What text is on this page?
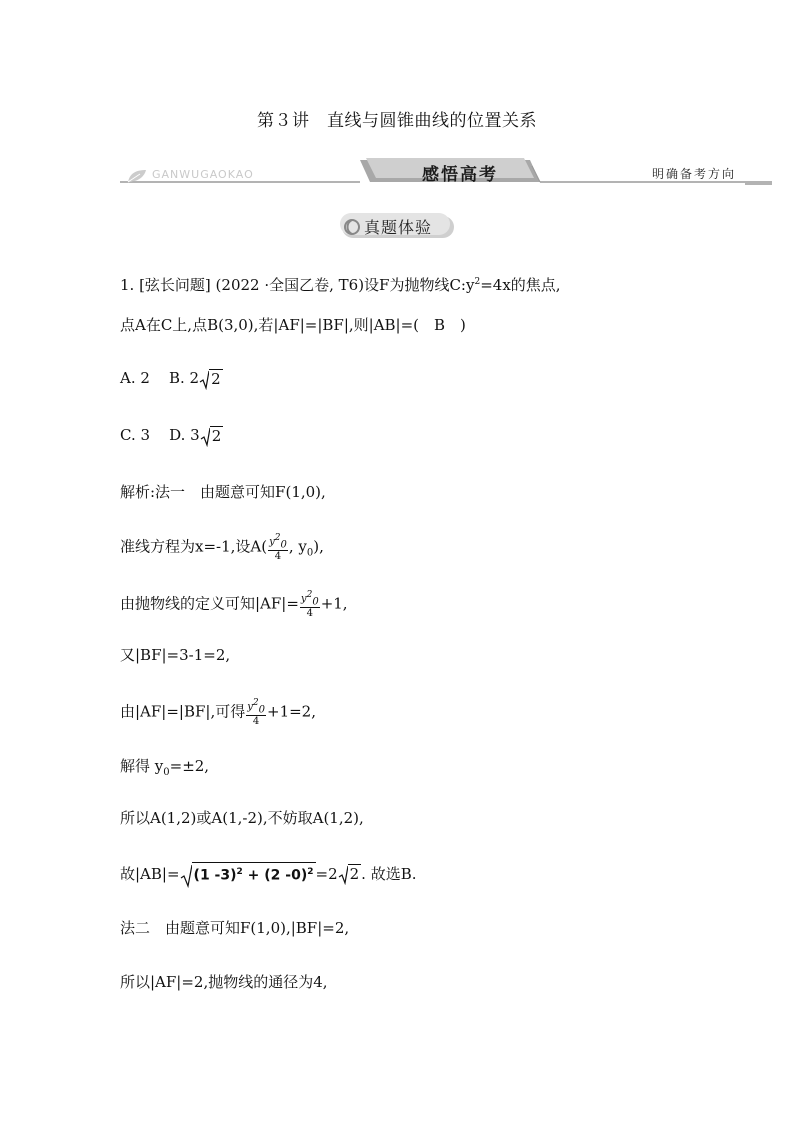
第３讲　直线与圆锥曲线的位置关系
GANWUGAOKAO	感悟高考	明确备考方向
真题体验
1. [弦长问题] (2022 ·全国乙卷, T6)设F为抛物线$C:y^2=4x$的焦点,
点A在C上,点B(3,0),若|AF|=|BF|,则|AB|=(　B　)
A. 2 B. 2 2
C. 3 D. 3 2
解析:法一　由题意可知F(1,0),
准线方程为x=-1,设$A( \frac{y20}{4}$ , $y_0$),
由抛物线的定义可知$|AF|= \frac{y20}{4} +1$,
又|BF|=3-1=2,
由|AF|=|BF|,可得 $\frac{y20}{4} +1=2$,
解得 $y_0=\pm 2$,
所以A(1,2)或A(1,-2),不妨取A(1,2),
故|AB|= (1 -3)$^2$ + (2 -0)$^2$ =2 2 . 故选B.
法二　由题意可知F(1,0),|BF|=2,
所以|AF|=2,抛物线的通径为4,
